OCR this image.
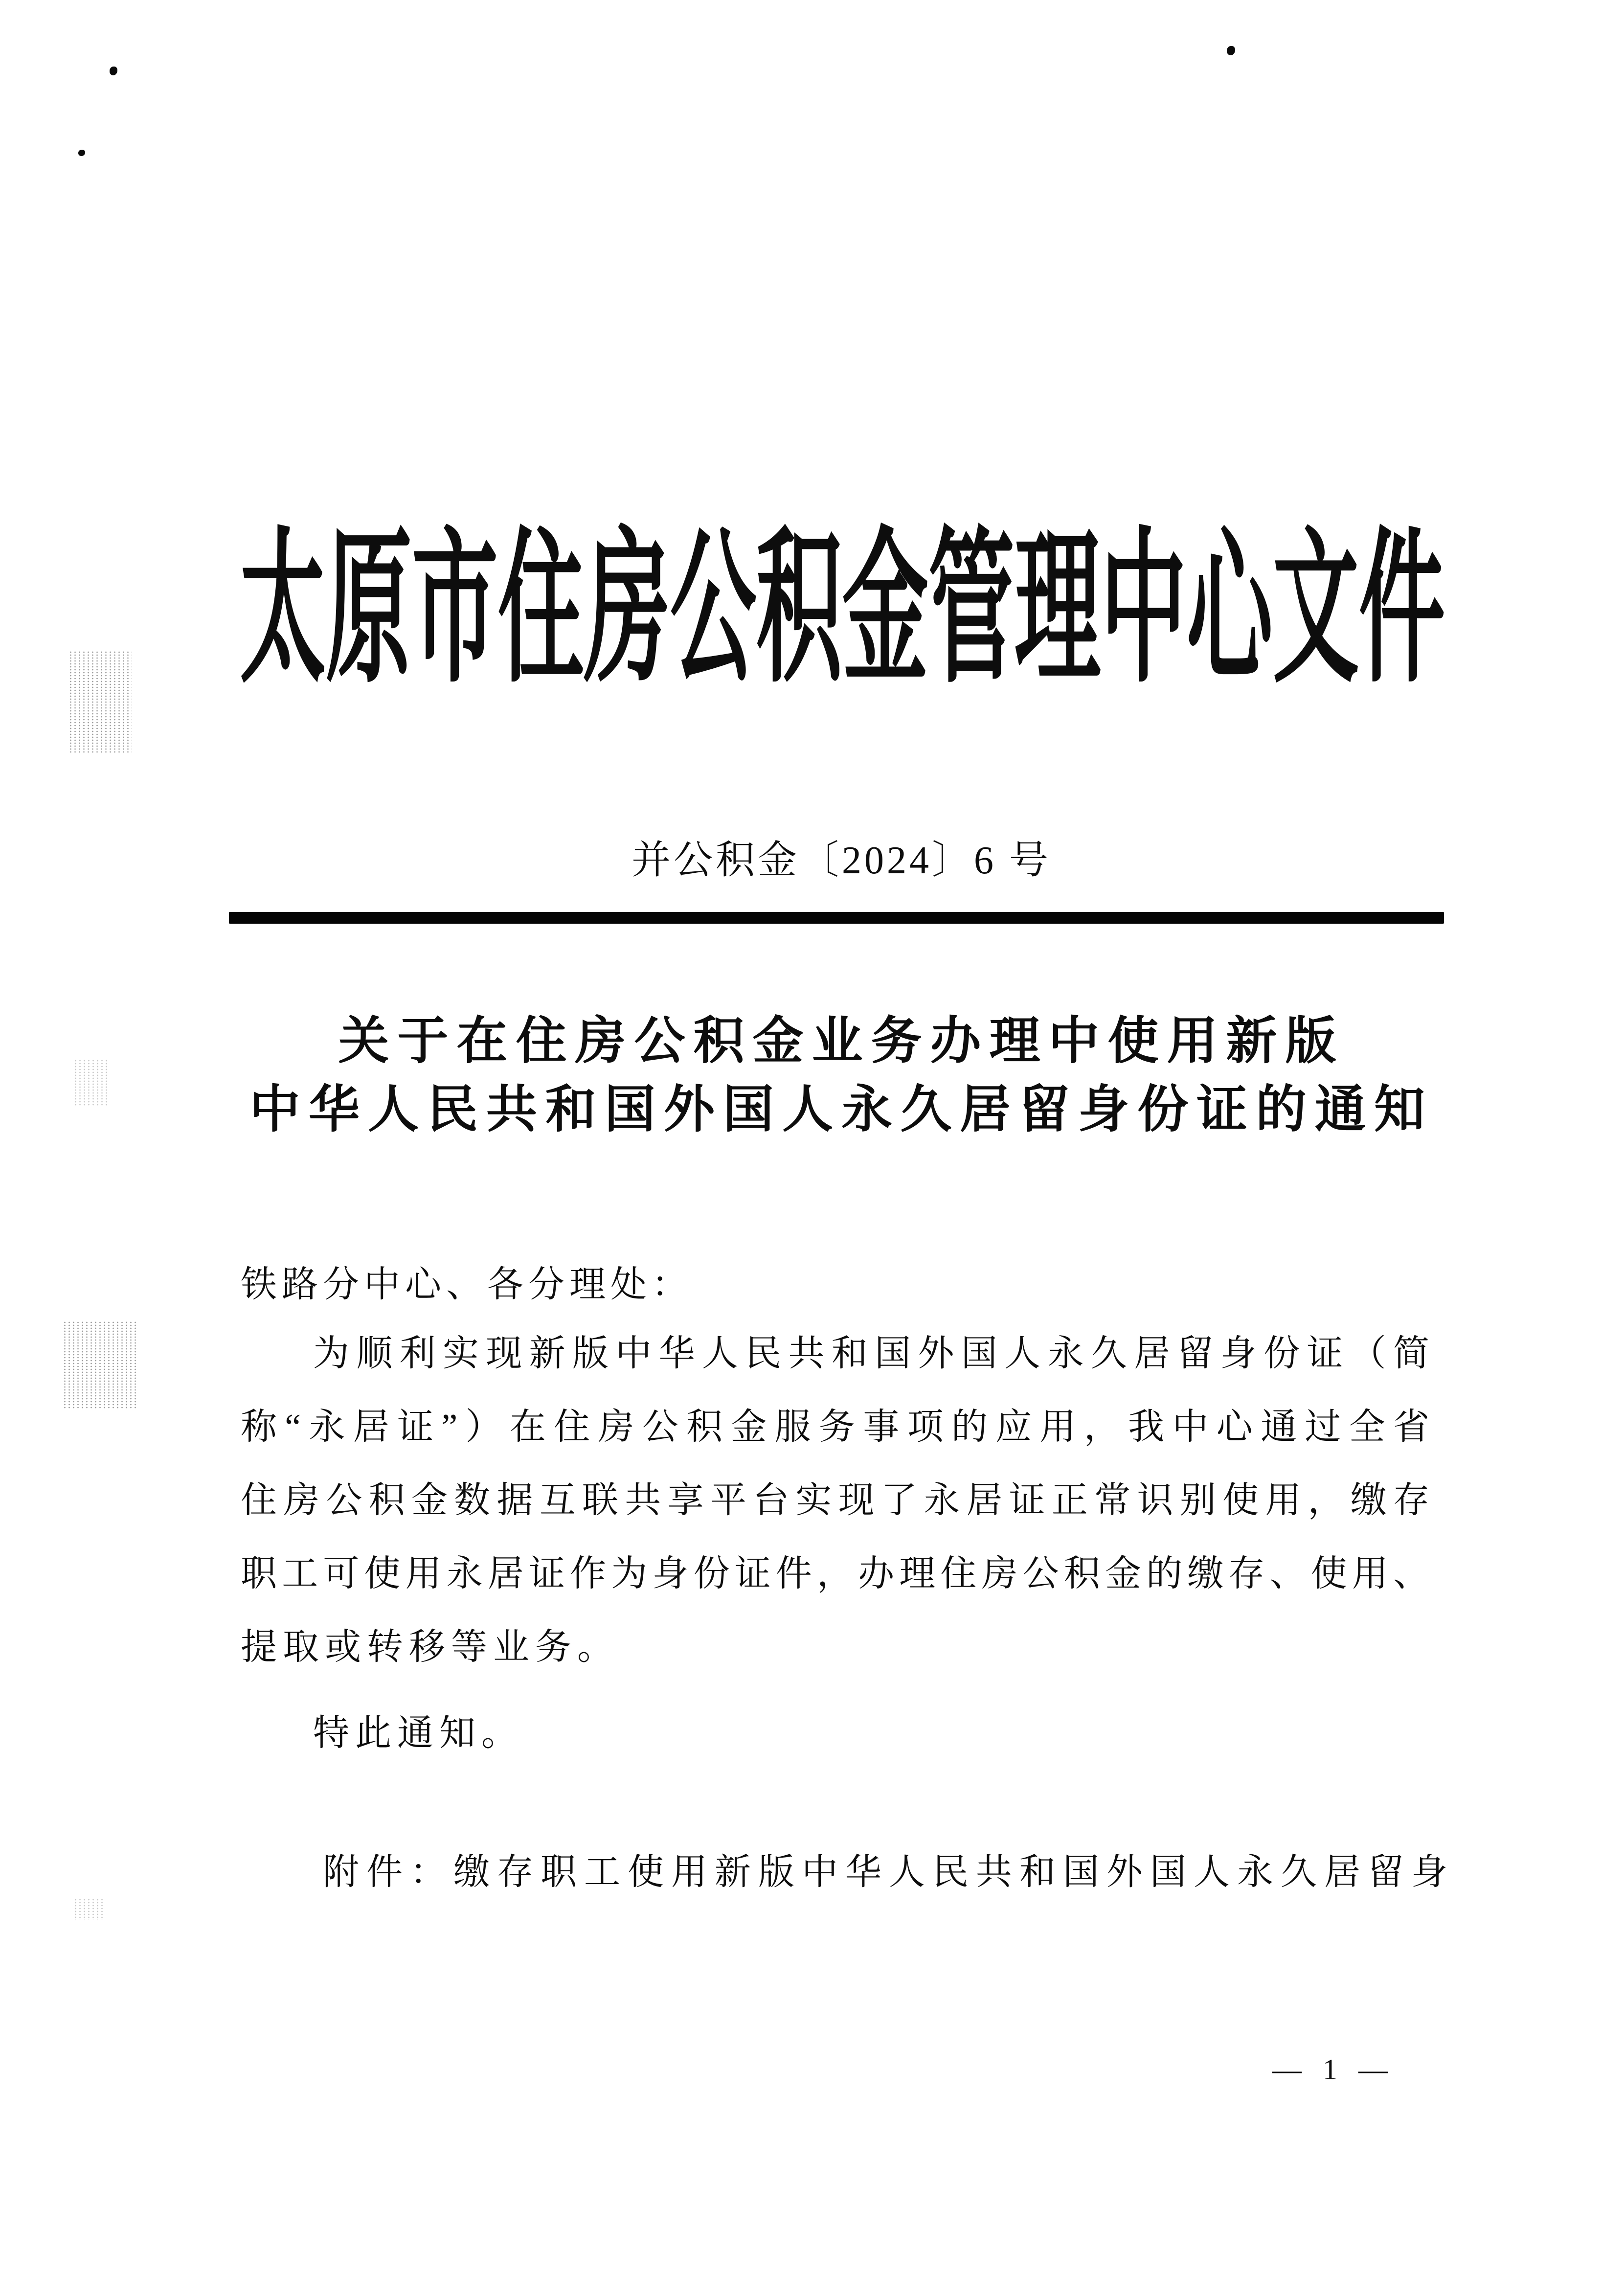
太原市住房公积金管理中心文件
并公积金〔2024〕6 号
关于在住房公积金业务办理中使用新版
中华人民共和国外国人永久居留身份证的通知
铁路分中心、各分理处：
为顺利实现新版中华人民共和国外国人永久居留身份证（简
称“永居证”）在住房公积金服务事项的应用，我中心通过全省
住房公积金数据互联共享平台实现了永居证正常识别使用，缴存
职工可使用永居证作为身份证件，办理住房公积金的缴存、使用、
提取或转移等业务。
特此通知。
附件：缴存职工使用新版中华人民共和国外国人永久居留身
— 1 —
